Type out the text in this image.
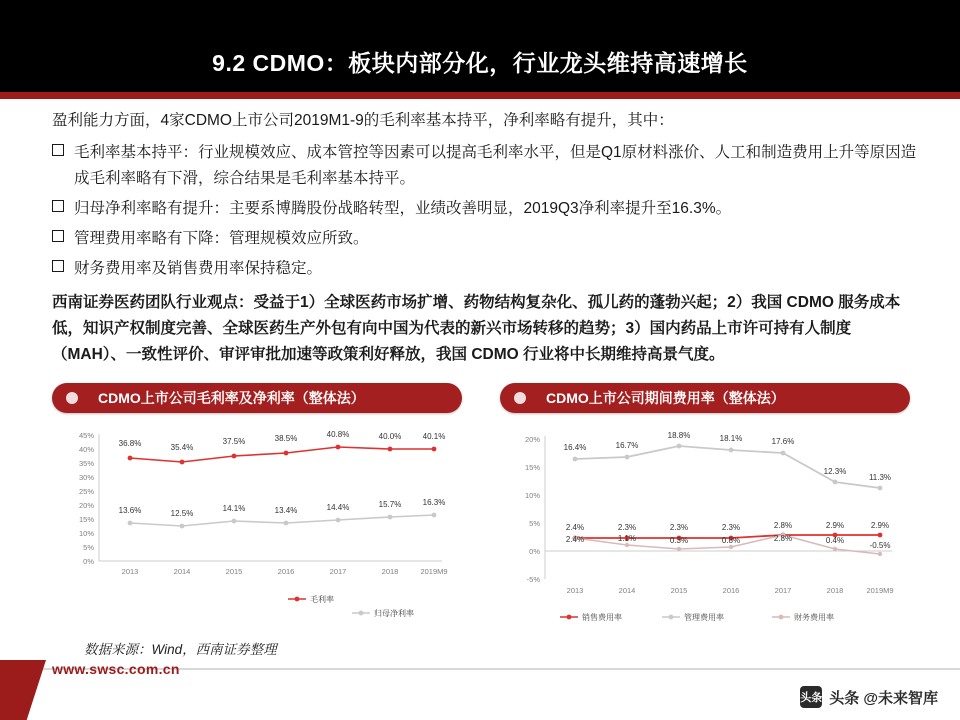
9.2 CDMO：板块内部分化，行业龙头维持高速增长
盈利能力方面，4家CDMO上市公司2019M1-9的毛利率基本持平，净利率略有提升，其中：
毛利率基本持平：行业规模效应、成本管控等因素可以提高毛利率水平，但是Q1原材料涨价、人工和制造费用上升等原因造成毛利率略有下滑，综合结果是毛利率基本持平。
归母净利率略有提升：主要系博腾股份战略转型，业绩改善明显，2019Q3净利率提升至16.3%。
管理费用率略有下降：管理规模效应所致。
财务费用率及销售费用率保持稳定。
西南证券医药团队行业观点：受益于1）全球医药市场扩增、药物结构复杂化、孤儿药的蓬勃兴起；2）我国 CDMO 服务成本低，知识产权制度完善、全球医药生产外包有向中国为代表的新兴市场转移的趋势；3）国内药品上市许可持有人制度（MAH）、一致性评价、审评审批加速等政策利好释放，我国 CDMO 行业将中长期维持高景气度。
CDMO上市公司毛利率及净利率（整体法）
45%
40%
35%
30%
25%
20%
15%
10%
5%
0%
36.8%	35.4%
37.5%	38.5%	40.8%	40.0%	40.1%
13.6%	12.5%
14.1%	13.4%	14.4%	15.7%	16.3%
2013	2014	2015	2016	2017	2018	2019M9
毛利率
归母净利率
CDMO上市公司期间费用率（整体法）
20%
15%
10%
5%
0%
-5%
16.4%	16.7%
18.8%	18.1%	17.6%
12.3%
11.3%
2.4%	2.3%	2.3%	2.3%	2.8%	2.9%	2.9%
2.4%	1.1%	0.3%	0.8%	2.8%	0.4%
-0.5%
2013	2014	2015	2016	2017	2018	2019M9
销售费用率	管理费用率	财务费用率
数据来源：Wind，西南证券整理
www.swsc.com.cn
头条 头条 @未来智库
